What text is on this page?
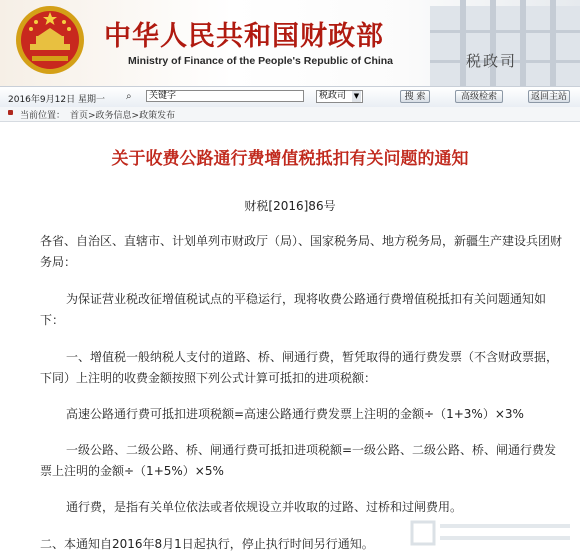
中华人民共和国财政部
Ministry of Finance of the People's Republic of China	税政司
2016年9月12日 星期一 ⌕	关键字	税政司 ▼	搜 索	高级检索	返回主站
当前位置： 首页>政务信息>政策发布
关于收费公路通行费增值税抵扣有关问题的通知
财税[2016]86号
各省、自治区、直辖市、计划单列市财政厅（局）、国家税务局、地方税务局，新疆生产建设兵团财务局：
为保证营业税改征增值税试点的平稳运行，现将收费公路通行费增值税抵扣有关问题通知如下：
一、增值税一般纳税人支付的道路、桥、闸通行费，暂凭取得的通行费发票（不含财政票据，下同）上注明的收费金额按照下列公式计算可抵扣的进项税额：
高速公路通行费可抵扣进项税额=高速公路通行费发票上注明的金额÷（1+3%）×3%
一级公路、二级公路、桥、闸通行费可抵扣进项税额=一级公路、二级公路、桥、闸通行费发票上注明的金额÷（1+5%）×5%
通行费，是指有关单位依法或者依规设立并收取的过路、过桥和过闸费用。
二、本通知自2016年8月1日起执行，停止执行时间另行通知。
